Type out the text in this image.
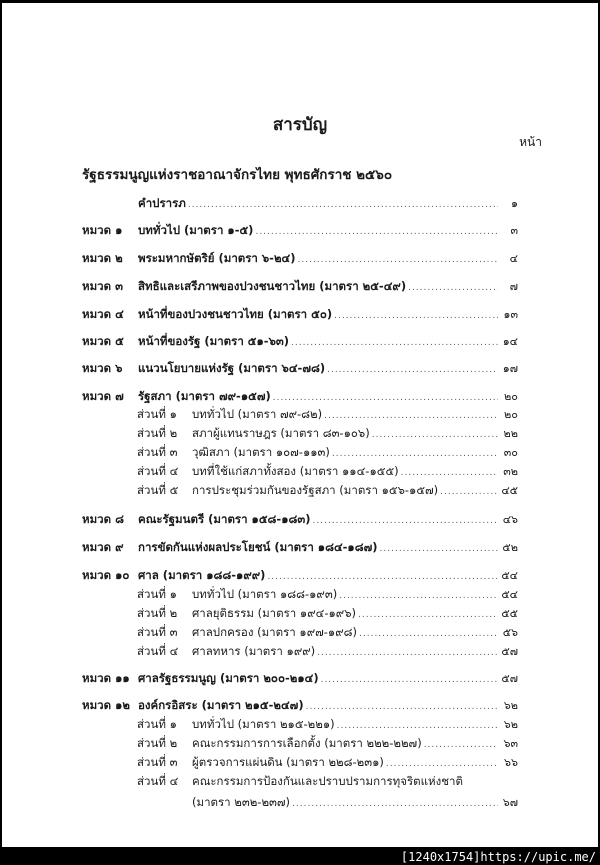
สารบัญ
หน้า
รัฐธรรมนูญแห่งราชอาณาจักรไทย พุทธศักราช ๒๕๖๐
คำปรารภ .....	๑
หมวด ๑	บททั่วไป (มาตรา ๑-๕) .....	๓
หมวด ๒	พระมหากษัตริย์ (มาตรา ๖-๒๔) .....	๔
หมวด ๓	สิทธิและเสรีภาพของปวงชนชาวไทย (มาตรา ๒๕-๔๙) .....	๗
หมวด ๔	หน้าที่ของปวงชนชาวไทย (มาตรา ๕๐) .....	๑๓
หมวด ๕	หน้าที่ของรัฐ (มาตรา ๕๑-๖๓) .....	๑๔
หมวด ๖	แนวนโยบายแห่งรัฐ (มาตรา ๖๔-๗๘) .....	๑๗
หมวด ๗	รัฐสภา (มาตรา ๗๙-๑๕๗) .....	๒๐
ส่วนที่ ๑	บททั่วไป (มาตรา ๗๙-๘๒) .....	๒๐
ส่วนที่ ๒	สภาผู้แทนราษฎร (มาตรา ๘๓-๑๐๖) .....	๒๒
ส่วนที่ ๓	วุฒิสภา (มาตรา ๑๐๗-๑๑๓) .....	๓๐
ส่วนที่ ๔	บทที่ใช้แก่สภาทั้งสอง (มาตรา ๑๑๔-๑๕๕) .....	๓๒
ส่วนที่ ๕	การประชุมร่วมกันของรัฐสภา (มาตรา ๑๕๖-๑๕๗) .....	๔๕
หมวด ๘	คณะรัฐมนตรี (มาตรา ๑๕๘-๑๘๓) .....	๔๖
หมวด ๙	การขัดกันแห่งผลประโยชน์ (มาตรา ๑๘๔-๑๘๗) .....	๕๒
หมวด ๑๐ ศาล (มาตรา ๑๘๘-๑๙๙) .....	๕๔
ส่วนที่ ๑	บททั่วไป (มาตรา ๑๘๘-๑๙๓) .....	๕๔
ส่วนที่ ๒	ศาลยุติธรรม (มาตรา ๑๙๔-๑๙๖) .....	๕๕
ส่วนที่ ๓	ศาลปกครอง (มาตรา ๑๙๗-๑๙๘) .....	๕๖
ส่วนที่ ๔	ศาลทหาร (มาตรา ๑๙๙) .....	๕๗
หมวด ๑๑ ศาลรัฐธรรมนูญ (มาตรา ๒๐๐-๒๑๔) .....	๕๗
หมวด ๑๒ องค์กรอิสระ (มาตรา ๒๑๕-๒๔๗) .....	๖๒
ส่วนที่ ๑	บททั่วไป (มาตรา ๒๑๕-๒๒๑) .....	๖๒
ส่วนที่ ๒	คณะกรรมการการเลือกตั้ง (มาตรา ๒๒๒-๒๒๗) .....	๖๓
ส่วนที่ ๓	ผู้ตรวจการแผ่นดิน (มาตรา ๒๒๘-๒๓๑) .....	๖๖
ส่วนที่ ๔	คณะกรรมการป้องกันและปราบปรามการทุจริตแห่งชาติ
(มาตรา ๒๓๒-๒๓๗) .....	๖๗
[1240x1754]https://upic.me/
